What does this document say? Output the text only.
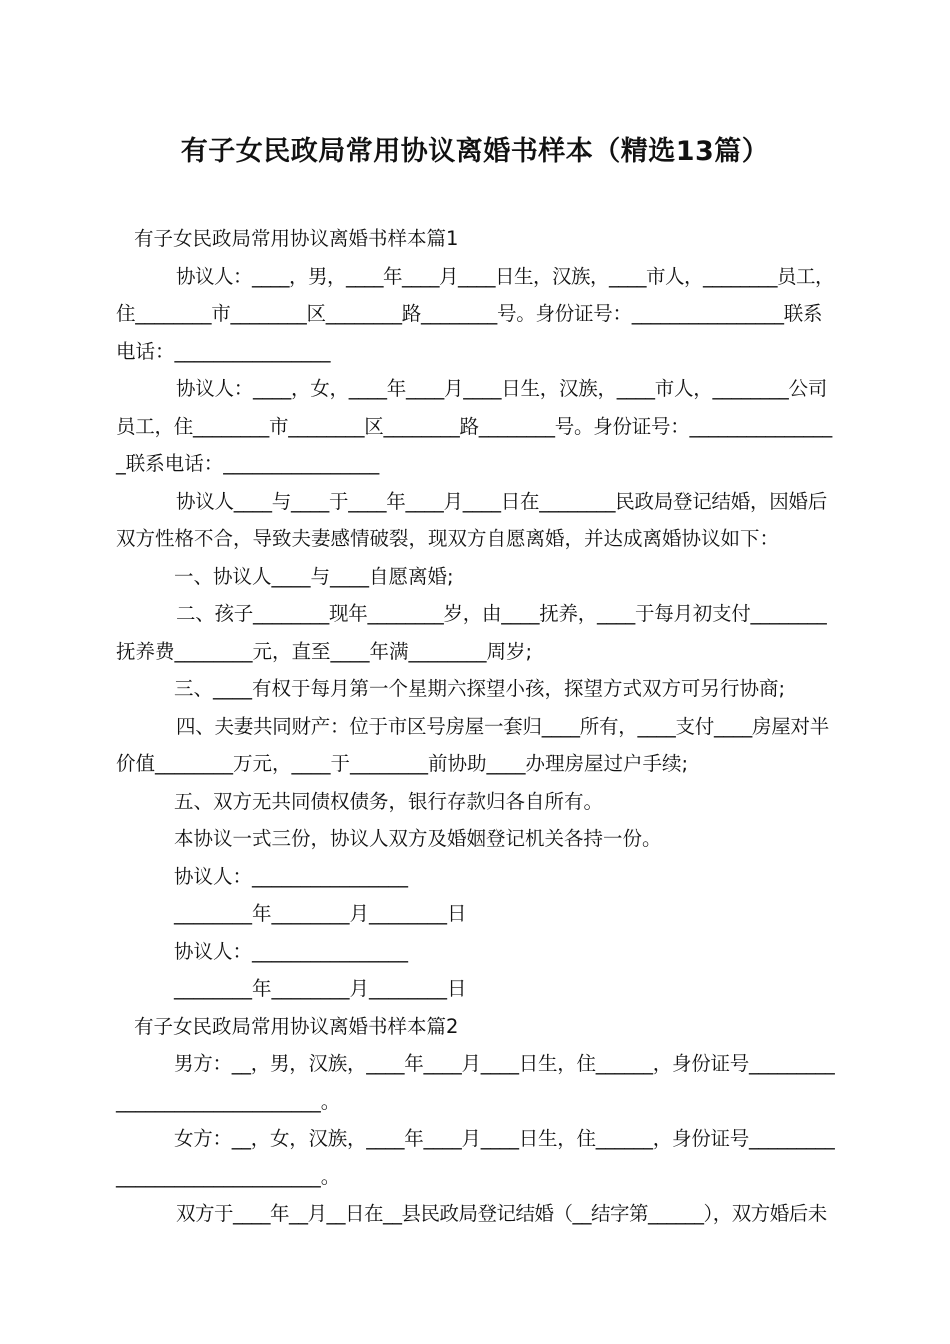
有子女民政局常用协议离婚书样本（精选13篇）

有子女民政局常用协议离婚书样本篇1

协议人：____，男，____年____月____日生，汉族，____市人，________员工，

住________市________区________路________号。身份证号：________________联系

电话：________________

协议人：____，女，____年____月____日生，汉族，____市人，________公司

员工，住________市________区________路________号。身份证号：_______________

_联系电话：________________

协议人____与____于____年____月____日在________民政局登记结婚，因婚后

双方性格不合，导致夫妻感情破裂，现双方自愿离婚，并达成离婚协议如下：

一、协议人____与____自愿离婚;

二、孩子________现年________岁，由____抚养，____于每月初支付________

抚养费________元，直至____年满________周岁;

三、____有权于每月第一个星期六探望小孩，探望方式双方可另行协商;

四、夫妻共同财产：位于市区号房屋一套归____所有，____支付____房屋对半

价值________万元，____于________前协助____办理房屋过户手续;

五、双方无共同债权债务，银行存款归各自所有。

本协议一式三份，协议人双方及婚姻登记机关各持一份。

协议人：________________

________年________月________日

协议人：________________

________年________月________日

有子女民政局常用协议离婚书样本篇2

男方：__，男，汉族，____年____月____日生，住______，身份证号_________

_____________________。

女方：__，女，汉族，____年____月____日生，住______，身份证号_________

_____________________。

双方于____年__月__日在__县民政局登记结婚（__结字第______），双方婚后未
